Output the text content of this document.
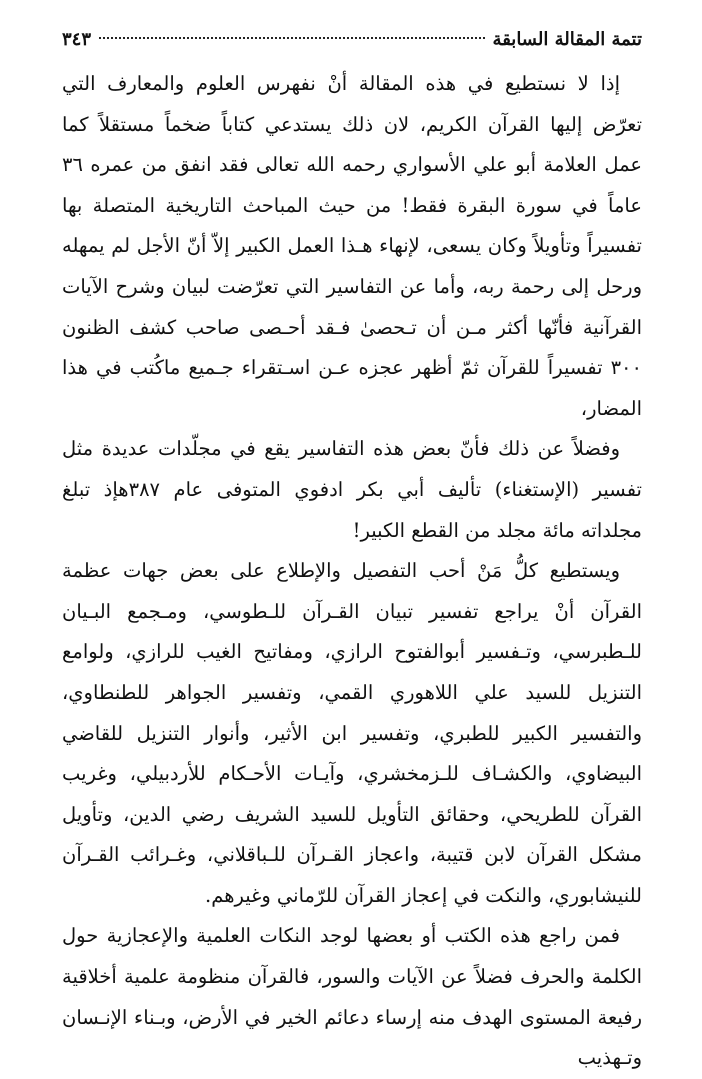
تتمة المقالة السابقة
٣٤٣

إذا لا نستطيع في هذه المقالة أنْ نفهرس العلوم والمعارف التي تعرّض إليها القرآن الكريم، لان ذلك يستدعي كتاباً ضخماً مستقلاً كما عمل العلامة أبو علي الأسواري رحمه الله تعالى فقد انفق من عمره ٣٦ عاماً في سورة البقرة فقط! من حيث المباحث التاريخية المتصلة بها تفسيراً وتأويلاً وكان يسعى، لإنهاء هـذا العمل الكبير إلاّ أنّ الأجل لم يمهله ورحل إلى رحمة ربه، وأما عن التفاسير التي تعرّضت لبيان وشرح الآيات القرآنية فأنّها أكثر مـن أن تـحصىٰ فـقد أحـصى صاحب كشف الظنون ٣٠٠ تفسيراً للقرآن ثمّ أظهر عجزه عـن اسـتقراء جـميع ماكُتب في هذا المضار،

وفضلاً عن ذلك فأنّ بعض هذه التفاسير يقع في مجلّدات عديدة مثل تفسير (الإستغناء) تأليف أبي بكر ادفوي المتوفى عام ٣٨٧هإذ تبلغ مجلداته مائة مجلد من القطع الكبير!

ويستطيع كلُّ مَنْ أحب التفصيل والإطلاع على بعض جهات عظمة القرآن أنْ يراجع تفسير تبيان القـرآن للـطوسي، ومـجمع البـيان للـطبرسي، وتـفسير أبوالفتوح الرازي، ومفاتيح الغيب للرازي، ولوامع التنزيل للسيد علي اللاهوري القمي، وتفسير الجواهر للطنطاوي، والتفسير الكبير للطبري، وتفسير ابن الأثير، وأنوار التنزيل للقاضي البيضاوي، والكشـاف للـزمخشري، وآيـات الأحـكام للأردبيلي، وغريب القرآن للطريحي، وحقائق التأويل للسيد الشريف رضي الدين، وتأويل مشكل القرآن لابن قتيبة، واعجاز القـرآن للـباقلاني، وغـرائب القـرآن للنيشابوري، والنكت في إعجاز القرآن للرّماني وغيرهم.

فمن راجع هذه الكتب أو بعضها لوجد النكات العلمية والإعجازية حول الكلمة والحرف فضلاً عن الآيات والسور، فالقرآن منظومة علمية أخلاقية رفيعة المستوى الهدف منه إرساء دعائم الخير في الأرض، وبـناء الإنـسان وتـهذيب
